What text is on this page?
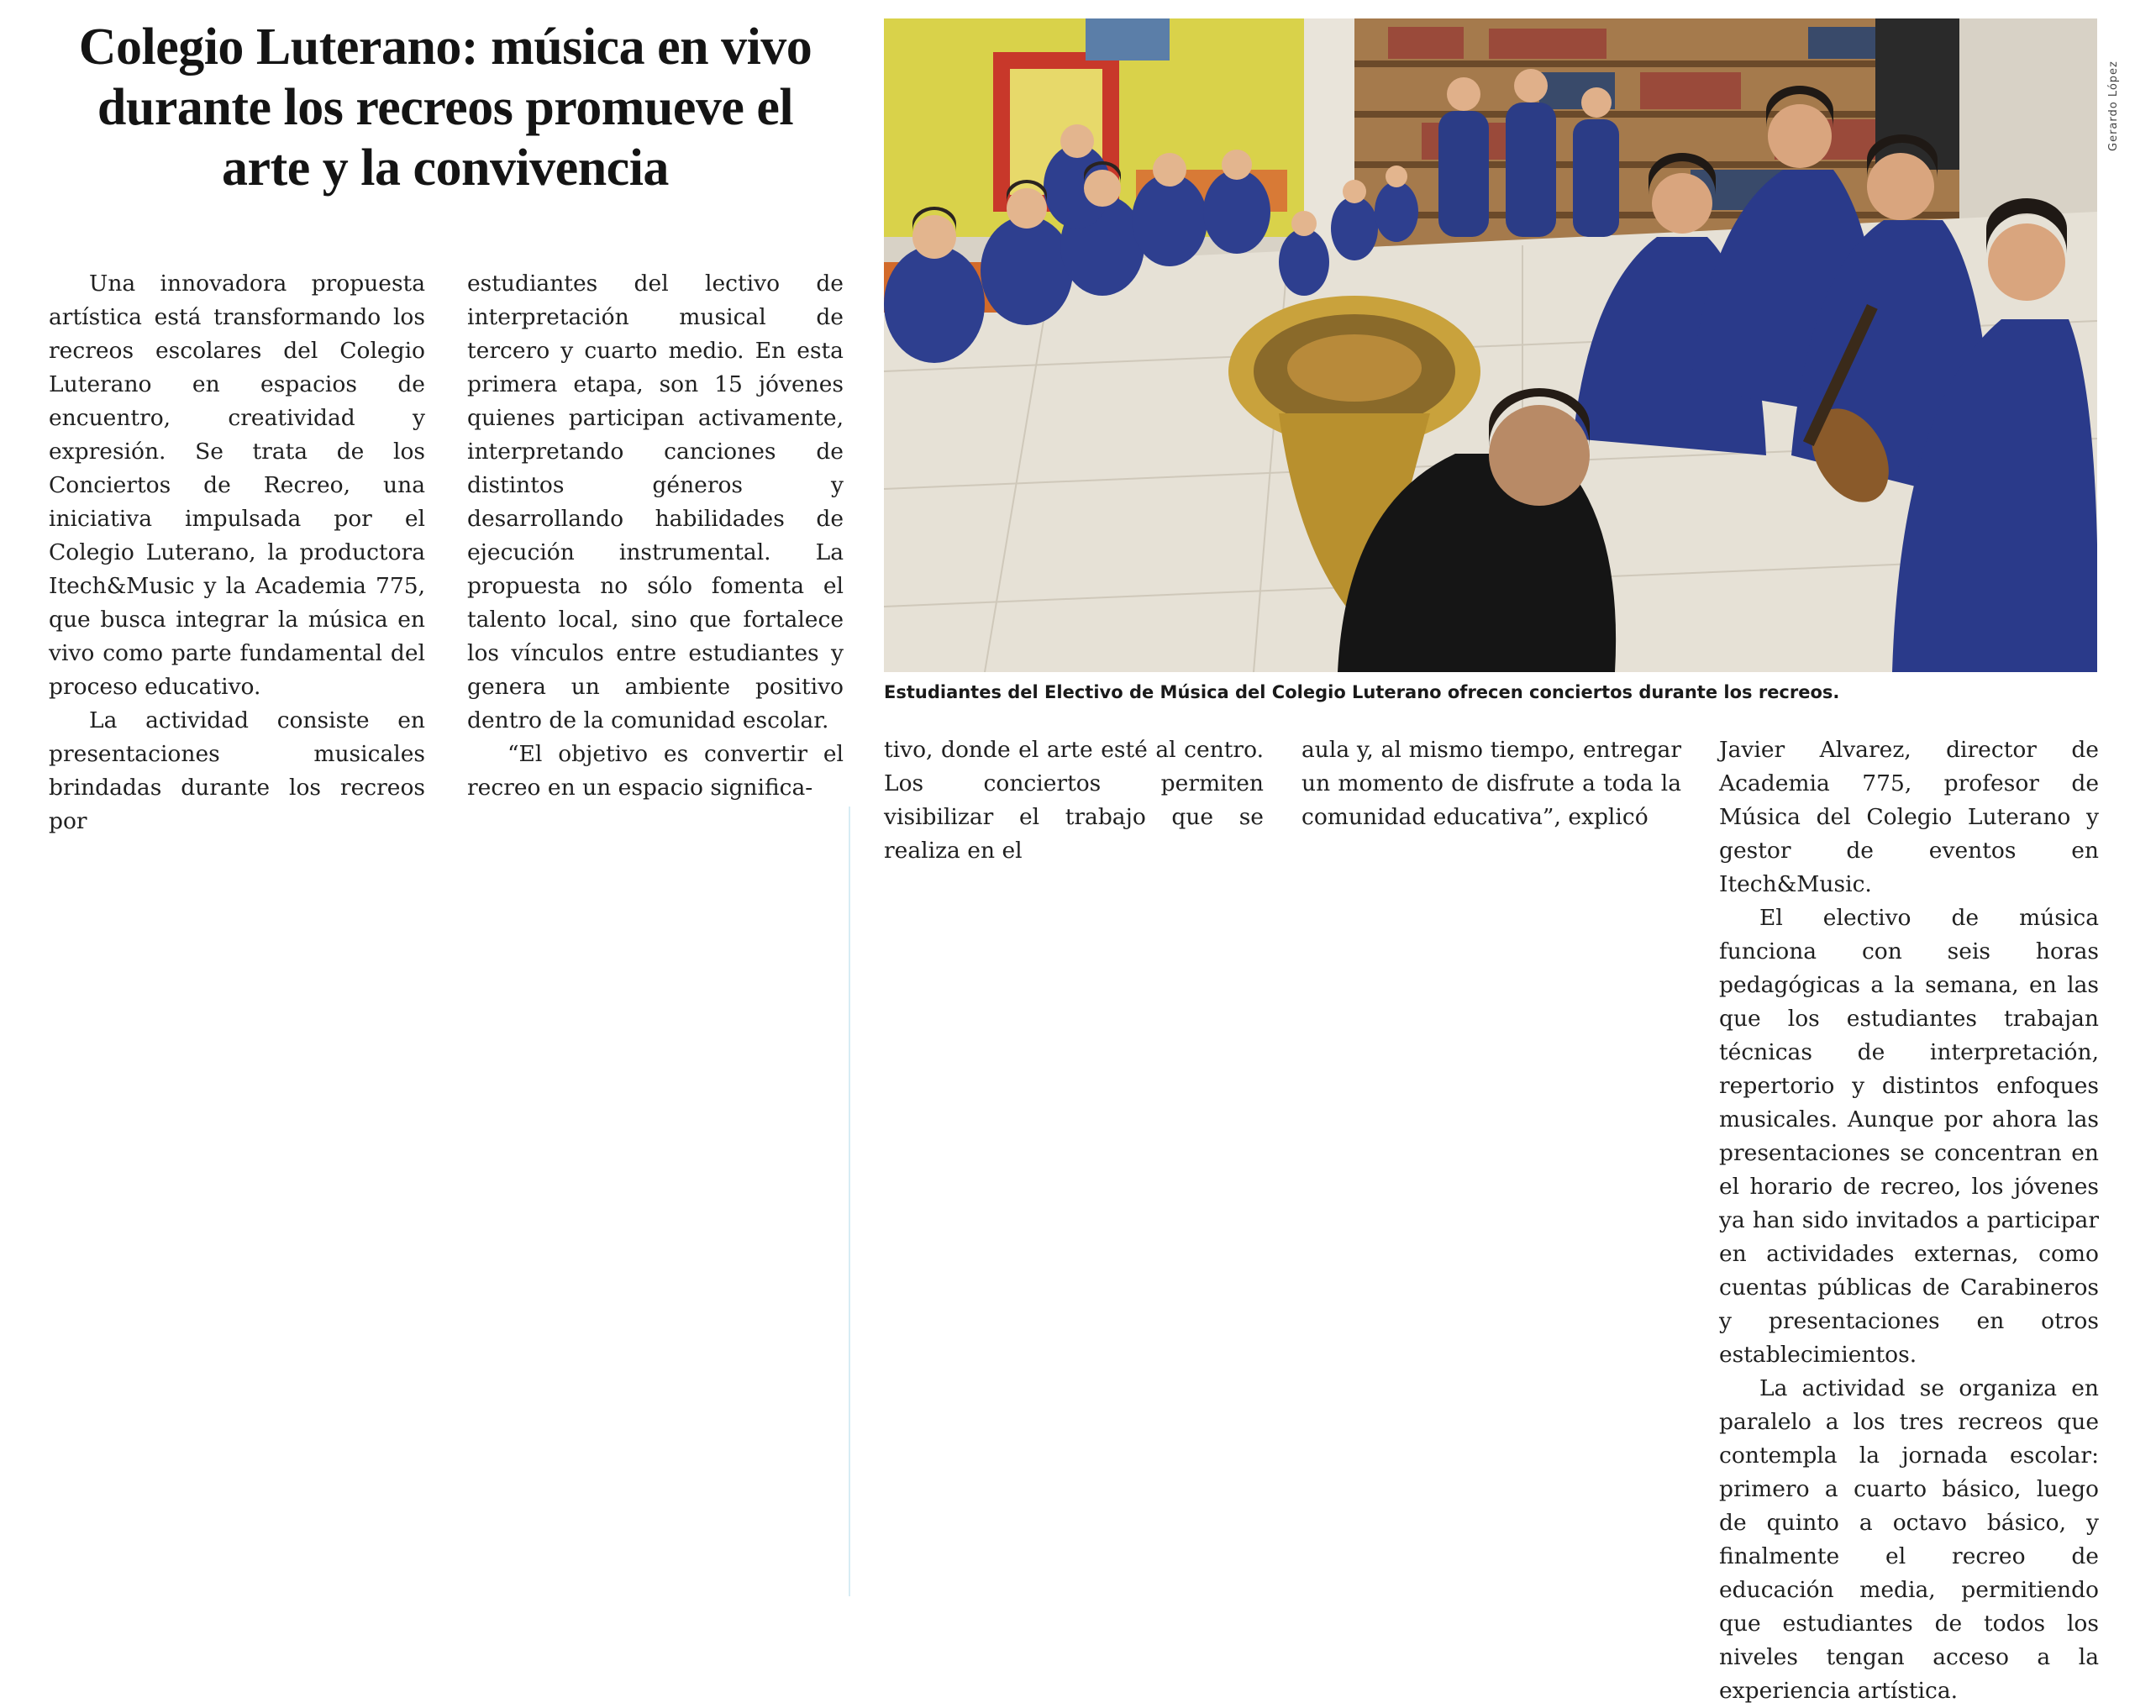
Colegio Luterano: música en vivo durante los recreos promueve el arte y la convivencia

Una innovadora propuesta artística está transformando los recreos escolares del Colegio Luterano en espacios de encuentro, creatividad y expresión. Se trata de los Conciertos de Recreo, una iniciativa impulsada por el Colegio Luterano, la productora Itech&Music y la Academia 775, que busca integrar la música en vivo como parte fundamental del proceso educativo.

La actividad consiste en presentaciones musicales brindadas durante los recreos por

estudiantes del lectivo de interpretación musical de tercero y cuarto medio. En esta primera etapa, son 15 jóvenes quienes participan activamente, interpretando canciones de distintos géneros y desarrollando habilidades de ejecución instrumental. La propuesta no sólo fomenta el talento local, sino que fortalece los vínculos entre estudiantes y genera un ambiente positivo dentro de la comunidad escolar.

“El objetivo es convertir el recreo en un espacio significa-

Gerardo López
Estudiantes del Electivo de Música del Colegio Luterano ofrecen conciertos durante los recreos.

tivo, donde el arte esté al centro. Los conciertos permiten visibilizar el trabajo que se realiza en el

aula y, al mismo tiempo, entregar un momento de disfrute a toda la comunidad educativa”, explicó

Javier Alvarez, director de Academia 775, profesor de Música del Colegio Luterano y gestor de eventos en Itech&Music.

El electivo de música funciona con seis horas pedagógicas a la semana, en las que los estudiantes trabajan técnicas de interpretación, repertorio y distintos enfoques musicales. Aunque por ahora las presentaciones se concentran en el horario de recreo, los jóvenes ya han sido invitados a participar en actividades externas, como cuentas públicas de Carabineros y presentaciones en otros establecimientos.

La actividad se organiza en paralelo a los tres recreos que contempla la jornada escolar: primero a cuarto básico, luego de quinto a octavo básico, y finalmente el recreo de educación media, permitiendo que estudiantes de todos los niveles tengan acceso a la experiencia artística.
